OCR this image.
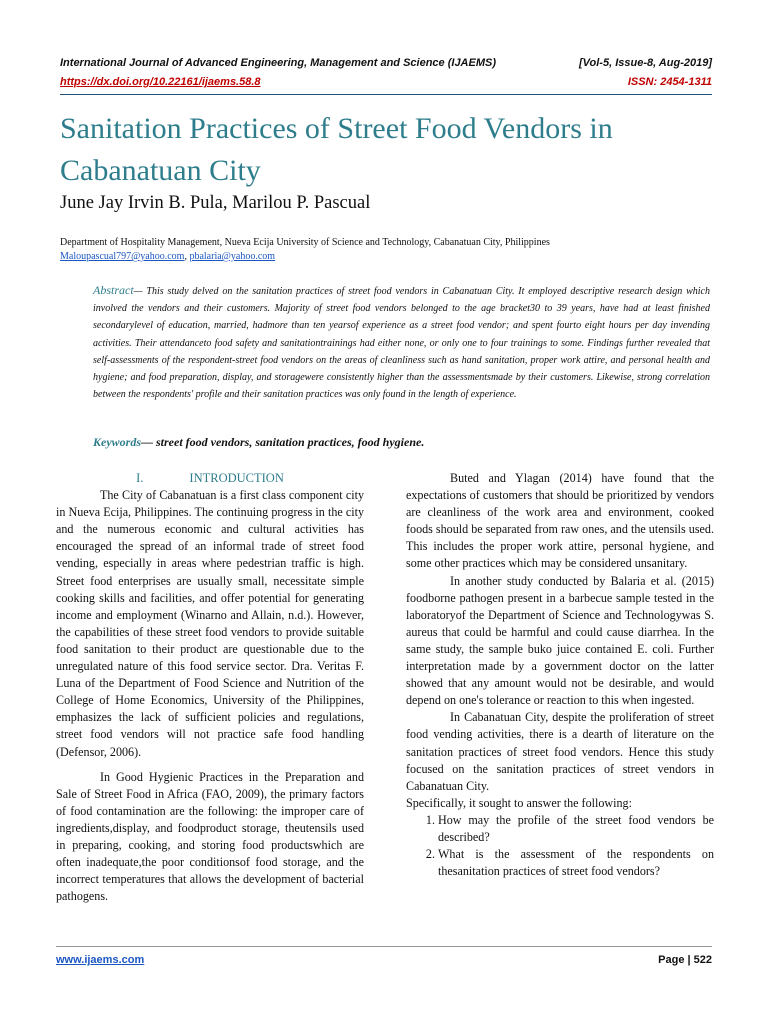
International Journal of Advanced Engineering, Management and Science (IJAEMS)	[Vol-5, Issue-8, Aug-2019]
https://dx.doi.org/10.22161/ijaems.58.8	ISSN: 2454-1311
Sanitation Practices of Street Food Vendors in Cabanatuan City
June Jay Irvin B. Pula, Marilou P. Pascual
Department of Hospitality Management, Nueva Ecija University of Science and Technology, Cabanatuan City, Philippines
Maloupascual797@yahoo.com, pbalaria@yahoo.com
Abstract— This study delved on the sanitation practices of street food vendors in Cabanatuan City. It employed descriptive research design which involved the vendors and their customers. Majority of street food vendors belonged to the age bracket30 to 39 years, have had at least finished secondarylevel of education, married, hadmore than ten yearsof experience as a street food vendor; and spent fourto eight hours per day invending activities. Their attendanceto food safety and sanitationtrainings had either none, or only one to four trainings to some. Findings further revealed that self-assessments of the respondent-street food vendors on the areas of cleanliness such as hand sanitation, proper work attire, and personal health and hygiene; and food preparation, display, and storagewere consistently higher than the assessmentsmade by their customers. Likewise, strong correlation between the respondents' profile and their sanitation practices was only found in the length of experience.
Keywords— street food vendors, sanitation practices, food hygiene.

I.	INTRODUCTION

The City of Cabanatuan is a first class component city in Nueva Ecija, Philippines. The continuing progress in the city and the numerous economic and cultural activities has encouraged the spread of an informal trade of street food vending, especially in areas where pedestrian traffic is high. Street food enterprises are usually small, necessitate simple cooking skills and facilities, and offer potential for generating income and employment (Winarno and Allain, n.d.). However, the capabilities of these street food vendors to provide suitable food sanitation to their product are questionable due to the unregulated nature of this food service sector. Dra. Veritas F. Luna of the Department of Food Science and Nutrition of the College of Home Economics, University of the Philippines, emphasizes the lack of sufficient policies and regulations, street food vendors will not practice safe food handling (Defensor, 2006).

In Good Hygienic Practices in the Preparation and Sale of Street Food in Africa (FAO, 2009), the primary factors of food contamination are the following: the improper care of ingredients,display, and foodproduct storage, theutensils used in preparing, cooking, and storing food productswhich are often inadequate,the poor conditionsof food storage, and the incorrect temperatures that allows the development of bacterial pathogens.

Buted and Ylagan (2014) have found that the expectations of customers that should be prioritized by vendors are cleanliness of the work area and environment, cooked foods should be separated from raw ones, and the utensils used. This includes the proper work attire, personal hygiene, and some other practices which may be considered unsanitary.

In another study conducted by Balaria et al. (2015) foodborne pathogen present in a barbecue sample tested in the laboratoryof the Department of Science and Technologywas S. aureus that could be harmful and could cause diarrhea. In the same study, the sample buko juice contained E. coli. Further interpretation made by a government doctor on the latter showed that any amount would not be desirable, and would depend on one's tolerance or reaction to this when ingested.

In Cabanatuan City, despite the proliferation of street food vending activities, there is a dearth of literature on the sanitation practices of street food vendors. Hence this study focused on the sanitation practices of street vendors in Cabanatuan City.

Specifically, it sought to answer the following:

1. How may the profile of the street food vendors be described?
2. What is the assessment of the respondents on thesanitation practices of street food vendors?
www.ijaems.com	Page | 522
